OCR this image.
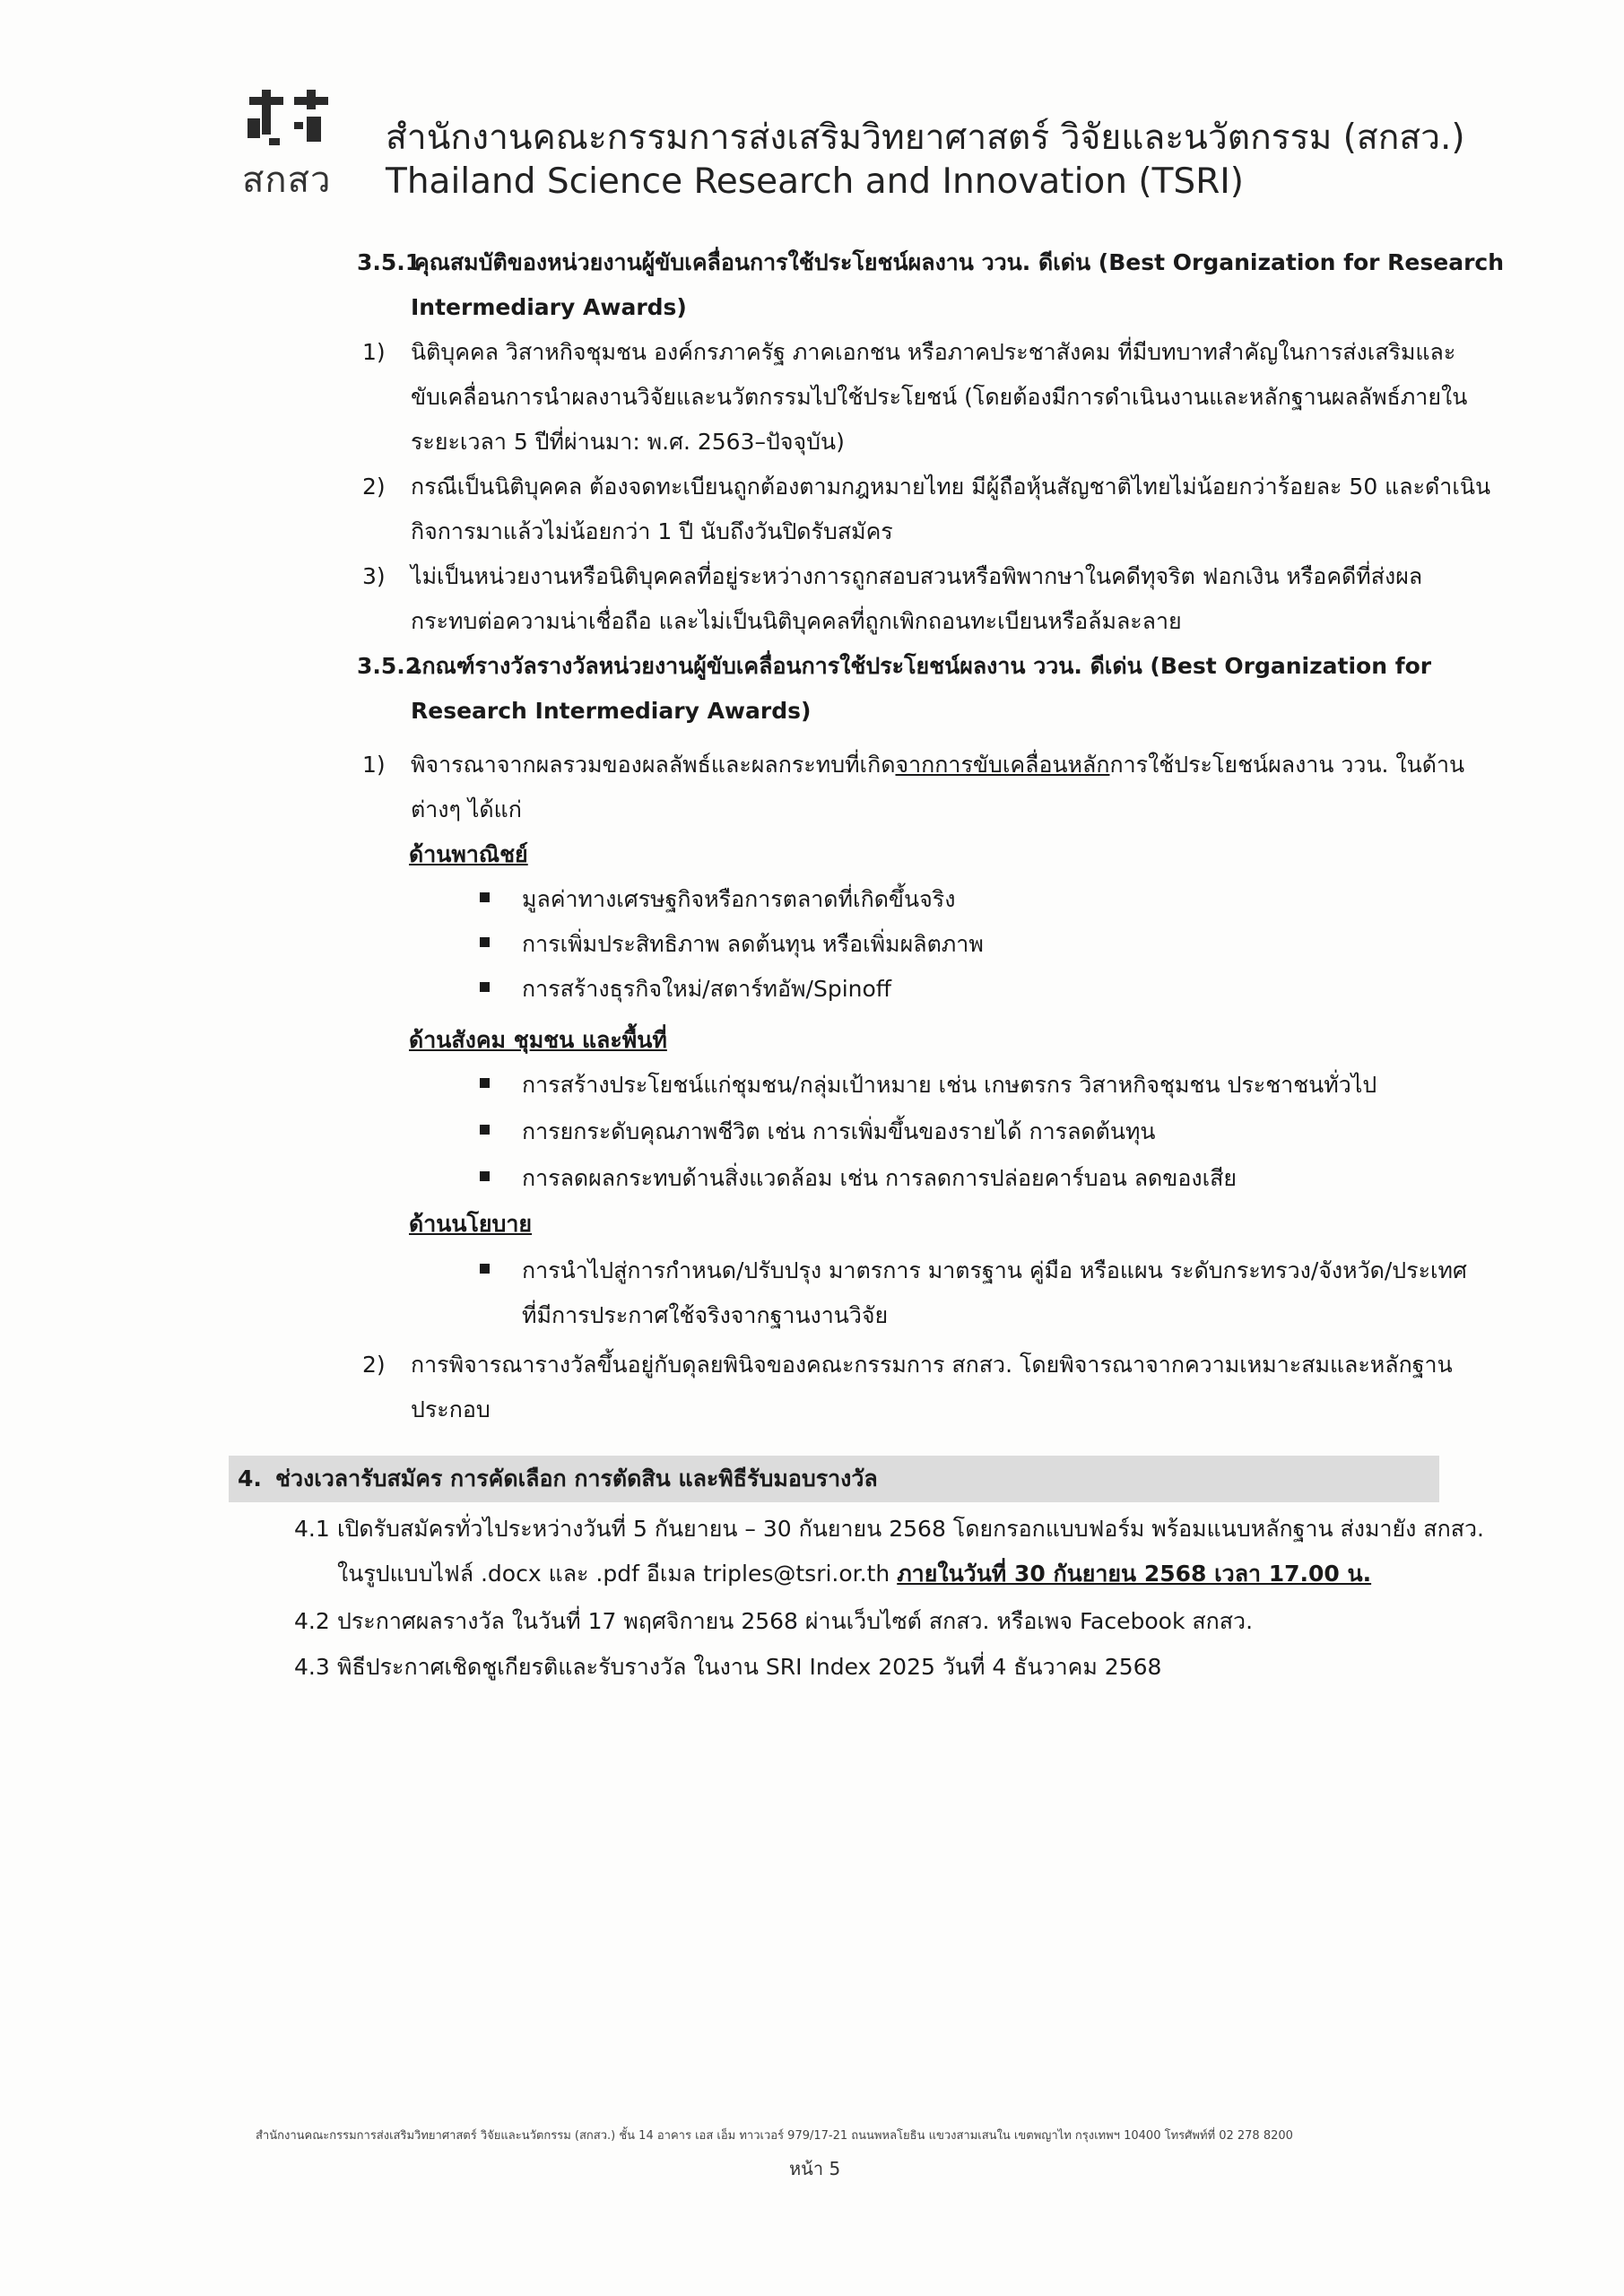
สกสว
สำนักงานคณะกรรมการส่งเสริมวิทยาศาสตร์ วิจัยและนวัตกรรม (สกสว.)
Thailand Science Research and Innovation (TSRI)
3.5.1
คุณสมบัติของหน่วยงานผู้ขับเคลื่อนการใช้ประโยชน์ผลงาน ววน. ดีเด่น (Best Organization for Research
Intermediary Awards)
1) นิติบุคคล วิสาหกิจชุมชน องค์กรภาครัฐ ภาคเอกชน หรือภาคประชาสังคม ที่มีบทบาทสำคัญในการส่งเสริมและ
ขับเคลื่อนการนำผลงานวิจัยและนวัตกรรมไปใช้ประโยชน์ (โดยต้องมีการดำเนินงานและหลักฐานผลลัพธ์ภายใน
ระยะเวลา 5 ปีที่ผ่านมา: พ.ศ. 2563–ปัจจุบัน)
2) กรณีเป็นนิติบุคคล ต้องจดทะเบียนถูกต้องตามกฎหมายไทย มีผู้ถือหุ้นสัญชาติไทยไม่น้อยกว่าร้อยละ 50 และดำเนิน
กิจการมาแล้วไม่น้อยกว่า 1 ปี นับถึงวันปิดรับสมัคร
3) ไม่เป็นหน่วยงานหรือนิติบุคคลที่อยู่ระหว่างการถูกสอบสวนหรือพิพากษาในคดีทุจริต ฟอกเงิน หรือคดีที่ส่งผล
กระทบต่อความน่าเชื่อถือ และไม่เป็นนิติบุคคลที่ถูกเพิกถอนทะเบียนหรือล้มละลาย
3.5.2
เกณฑ์รางวัลรางวัลหน่วยงานผู้ขับเคลื่อนการใช้ประโยชน์ผลงาน ววน. ดีเด่น (Best Organization for
Research Intermediary Awards)
1) พิจารณาจากผลรวมของผลลัพธ์และผลกระทบที่เกิดจากการขับเคลื่อนหลักการใช้ประโยชน์ผลงาน ววน. ในด้าน
ต่างๆ ได้แก่
ด้านพาณิชย์
มูลค่าทางเศรษฐกิจหรือการตลาดที่เกิดขึ้นจริง
การเพิ่มประสิทธิภาพ ลดต้นทุน หรือเพิ่มผลิตภาพ
การสร้างธุรกิจใหม่/สตาร์ทอัพ/Spinoff
ด้านสังคม ชุมชน และพื้นที่
การสร้างประโยชน์แก่ชุมชน/กลุ่มเป้าหมาย เช่น เกษตรกร วิสาหกิจชุมชน ประชาชนทั่วไป
การยกระดับคุณภาพชีวิต เช่น การเพิ่มขึ้นของรายได้ การลดต้นทุน
การลดผลกระทบด้านสิ่งแวดล้อม เช่น การลดการปล่อยคาร์บอน ลดของเสีย
ด้านนโยบาย
การนำไปสู่การกำหนด/ปรับปรุง มาตรการ มาตรฐาน คู่มือ หรือแผน ระดับกระทรวง/จังหวัด/ประเทศ
ที่มีการประกาศใช้จริงจากฐานงานวิจัย
2) การพิจารณารางวัลขึ้นอยู่กับดุลยพินิจของคณะกรรมการ สกสว. โดยพิจารณาจากความเหมาะสมและหลักฐาน
ประกอบ
4. ช่วงเวลารับสมัคร การคัดเลือก การตัดสิน และพิธีรับมอบรางวัล
4.1 เปิดรับสมัครทั่วไประหว่างวันที่ 5 กันยายน – 30 กันยายน 2568 โดยกรอกแบบฟอร์ม พร้อมแนบหลักฐาน ส่งมายัง สกสว.
ในรูปแบบไฟล์ .docx และ .pdf อีเมล triples@tsri.or.th ภายในวันที่ 30 กันยายน 2568 เวลา 17.00 น.
4.2 ประกาศผลรางวัล ในวันที่ 17 พฤศจิกายน 2568 ผ่านเว็บไซต์ สกสว. หรือเพจ Facebook สกสว.
4.3 พิธีประกาศเชิดชูเกียรติและรับรางวัล ในงาน SRI Index 2025 วันที่ 4 ธันวาคม 2568
สำนักงานคณะกรรมการส่งเสริมวิทยาศาสตร์ วิจัยและนวัตกรรม (สกสว.) ชั้น 14 อาคาร เอส เอ็ม ทาวเวอร์ 979/17-21 ถนนพหลโยธิน แขวงสามเสนใน เขตพญาไท กรุงเทพฯ 10400 โทรศัพท์ที่ 02 278 8200
หน้า 5
